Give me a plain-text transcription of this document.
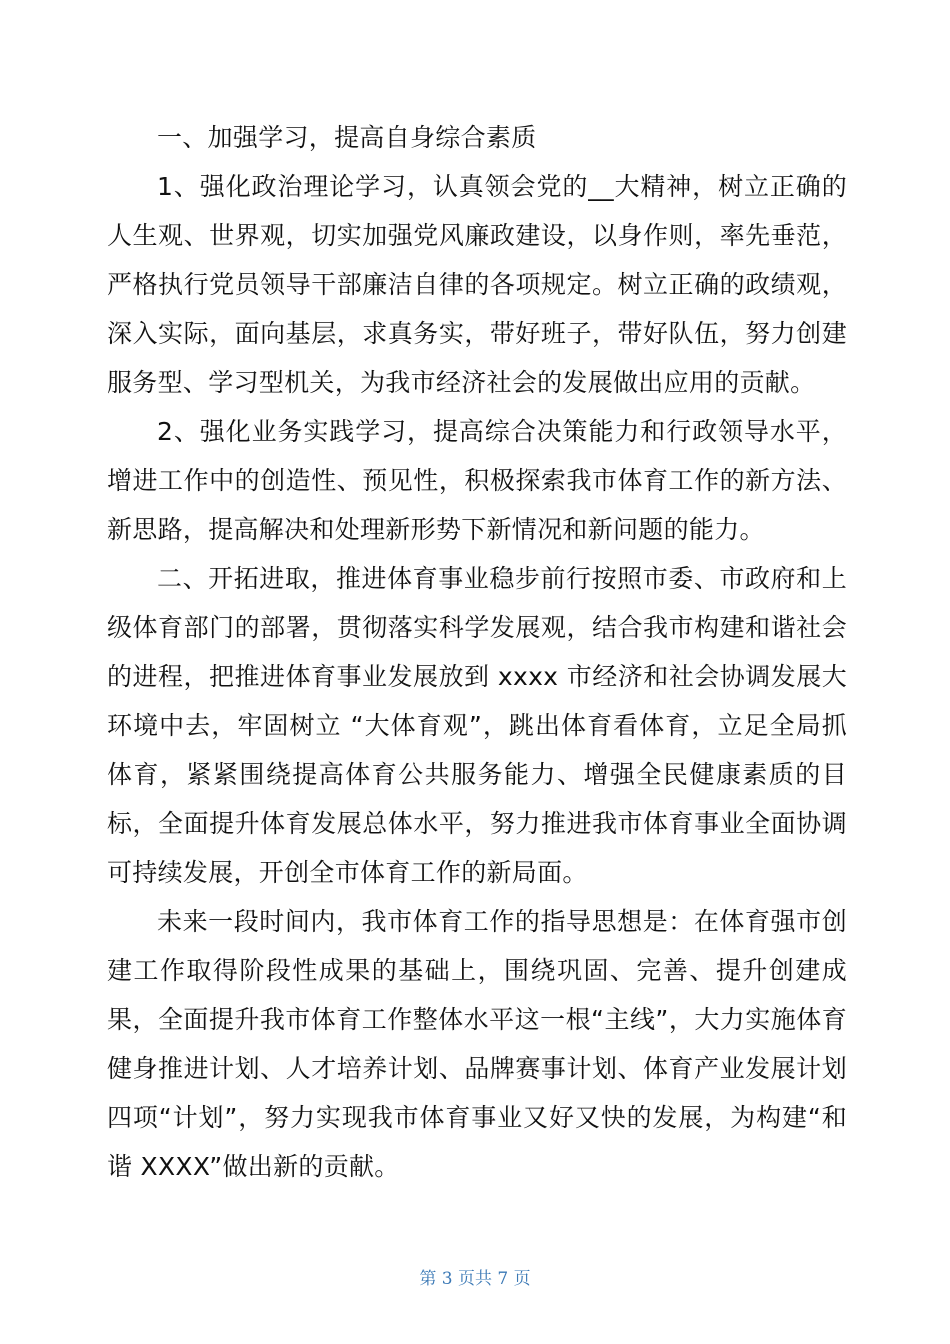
一、加强学习，提高自身综合素质

1、强化政治理论学习，认真领会党的__大精神，树立正确的人生观、世界观，切实加强党风廉政建设，以身作则，率先垂范，严格执行党员领导干部廉洁自律的各项规定。树立正确的政绩观，深入实际，面向基层，求真务实，带好班子，带好队伍，努力创建服务型、学习型机关，为我市经济社会的发展做出应用的贡献。

2、强化业务实践学习，提高综合决策能力和行政领导水平，增进工作中的创造性、预见性，积极探索我市体育工作的新方法、新思路，提高解决和处理新形势下新情况和新问题的能力。

二、开拓进取，推进体育事业稳步前行按照市委、市政府和上级体育部门的部署，贯彻落实科学发展观，结合我市构建和谐社会的进程，把推进体育事业发展放到 xxxx 市经济和社会协调发展大环境中去，牢固树立 “大体育观”，跳出体育看体育，立足全局抓体育，紧紧围绕提高体育公共服务能力、增强全民健康素质的目标，全面提升体育发展总体水平，努力推进我市体育事业全面协调可持续发展，开创全市体育工作的新局面。

未来一段时间内，我市体育工作的指导思想是：在体育强市创建工作取得阶段性成果的基础上，围绕巩固、完善、提升创建成果，全面提升我市体育工作整体水平这一根“主线”，大力实施体育健身推进计划、人才培养计划、品牌赛事计划、体育产业发展计划四项“计划”，努力实现我市体育事业又好又快的发展，为构建“和谐 XXXX”做出新的贡献。

第 3 页共 7 页
